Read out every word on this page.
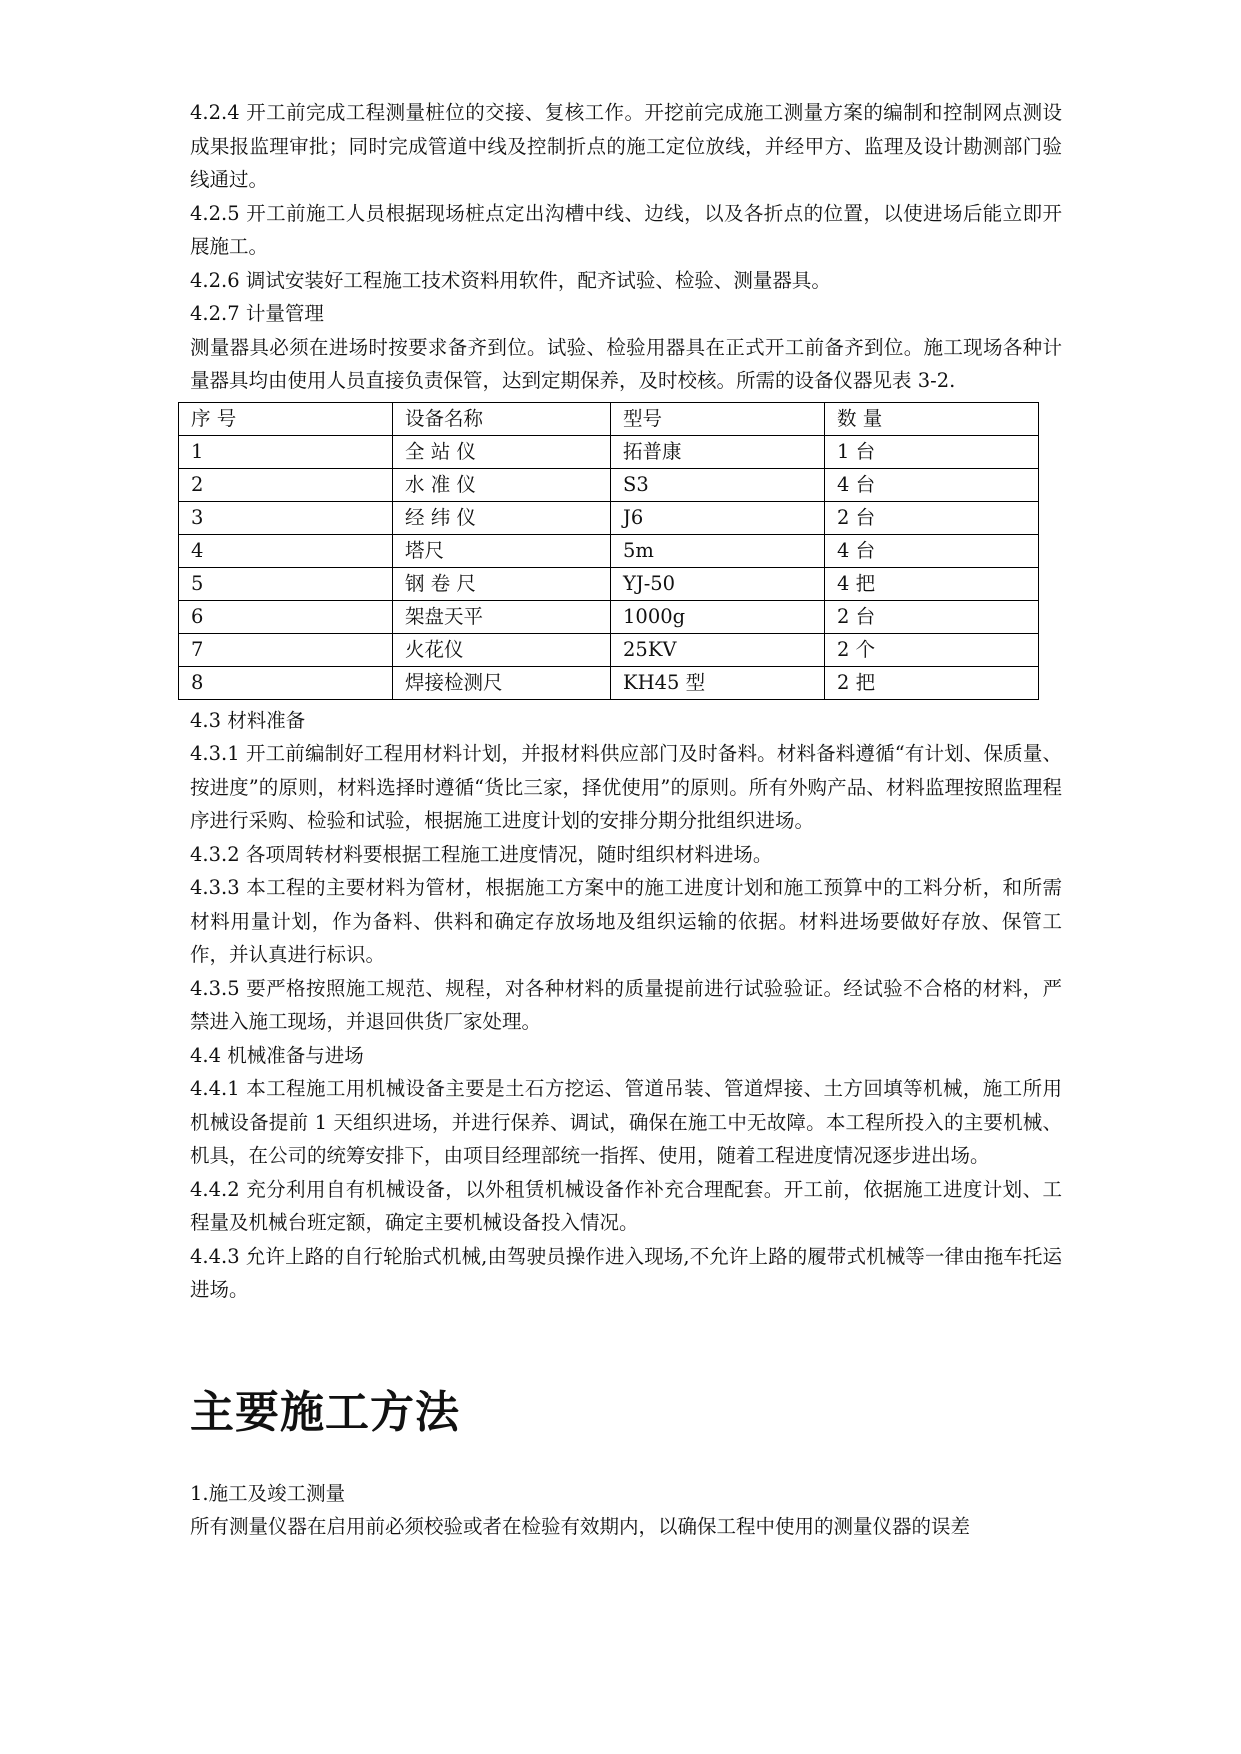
4.2.4 开工前完成工程测量桩位的交接、复核工作。开挖前完成施工测量方案的编制和控制网点测设成果报监理审批；同时完成管道中线及控制折点的施工定位放线，并经甲方、监理及设计勘测部门验线通过。

4.2.5 开工前施工人员根据现场桩点定出沟槽中线、边线，以及各折点的位置，以使进场后能立即开展施工。

4.2.6 调试安装好工程施工技术资料用软件，配齐试验、检验、测量器具。

4.2.7 计量管理

测量器具必须在进场时按要求备齐到位。试验、检验用器具在正式开工前备齐到位。施工现场各种计量器具均由使用人员直接负责保管，达到定期保养，及时校核。所需的设备仪器见表 3-2.

序 号	设备名称	型号	数 量
1	全 站 仪	拓普康	1 台
2	水 准 仪	S3	4 台
3	经 纬 仪	J6	2 台
4	塔尺	5m	4 台
5	钢 卷 尺	YJ-50	4 把
6	架盘天平	1000g	2 台
7	火花仪	25KV	2 个
8	焊接检测尺	KH45 型	2 把

4.3 材料准备

4.3.1 开工前编制好工程用材料计划，并报材料供应部门及时备料。材料备料遵循“有计划、保质量、按进度”的原则，材料选择时遵循“货比三家，择优使用”的原则。所有外购产品、材料监理按照监理程序进行采购、检验和试验，根据施工进度计划的安排分期分批组织进场。

4.3.2 各项周转材料要根据工程施工进度情况，随时组织材料进场。

4.3.3 本工程的主要材料为管材，根据施工方案中的施工进度计划和施工预算中的工料分析，和所需材料用量计划，作为备料、供料和确定存放场地及组织运输的依据。材料进场要做好存放、保管工作，并认真进行标识。

4.3.5 要严格按照施工规范、规程，对各种材料的质量提前进行试验验证。经试验不合格的材料，严禁进入施工现场，并退回供货厂家处理。

4.4 机械准备与进场

4.4.1 本工程施工用机械设备主要是土石方挖运、管道吊装、管道焊接、土方回填等机械，施工所用机械设备提前 1 天组织进场，并进行保养、调试，确保在施工中无故障。本工程所投入的主要机械、机具，在公司的统筹安排下，由项目经理部统一指挥、使用，随着工程进度情况逐步进出场。

4.4.2 充分利用自有机械设备，以外租赁机械设备作补充合理配套。开工前，依据施工进度计划、工程量及机械台班定额，确定主要机械设备投入情况。

4.4.3 允许上路的自行轮胎式机械,由驾驶员操作进入现场,不允许上路的履带式机械等一律由拖车托运进场。

主要施工方法

1.施工及竣工测量

所有测量仪器在启用前必须校验或者在检验有效期内，以确保工程中使用的测量仪器的误差
